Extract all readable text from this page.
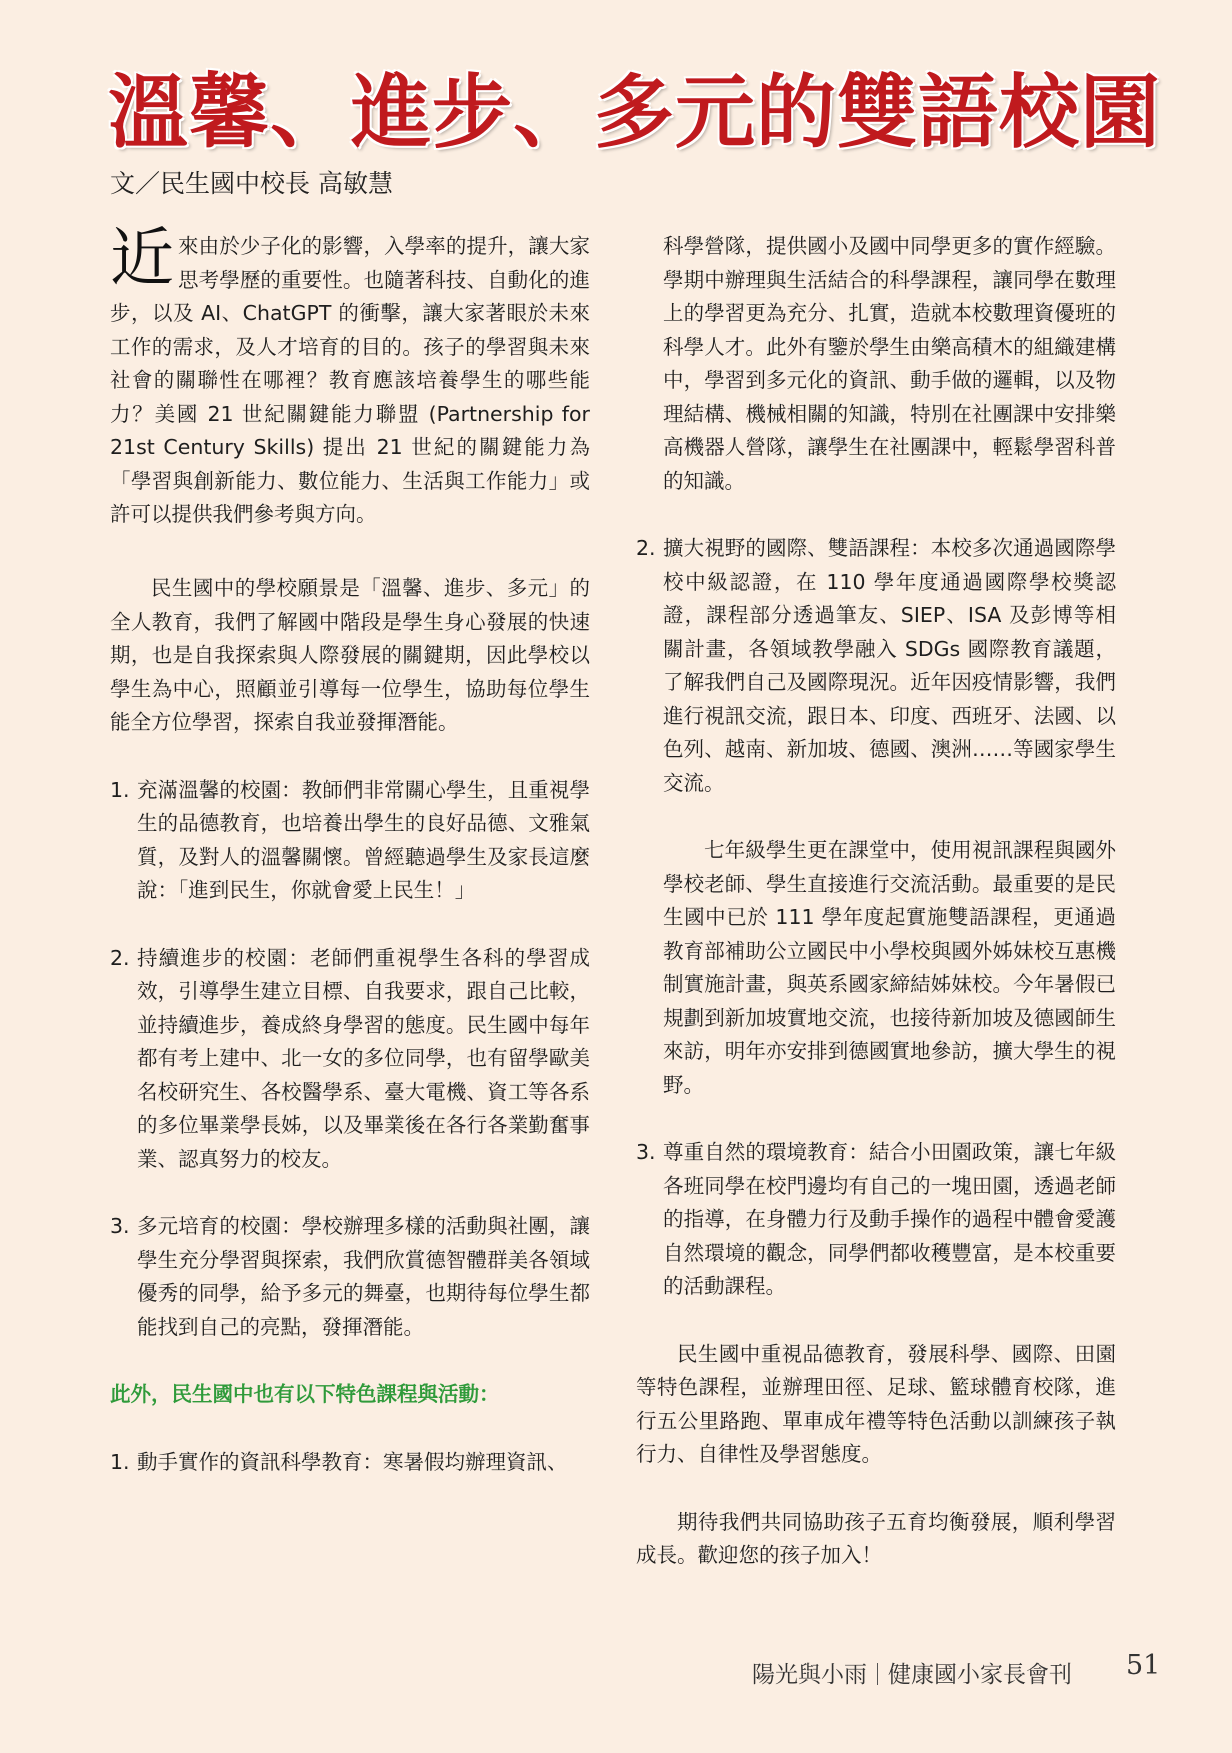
溫馨、進步、多元的雙語校園
文／民生國中校長 高敏慧
近來由於少子化的影響，入學率的提升，讓大家思考學歷的重要性。也隨著科技、自動化的進步，以及 AI、ChatGPT 的衝擊，讓大家著眼於未來工作的需求，及人才培育的目的。孩子的學習與未來社會的關聯性在哪裡？教育應該培養學生的哪些能力？美國 21 世紀關鍵能力聯盟 (Partnership for 21st Century Skills) 提出 21 世紀的關鍵能力為「學習與創新能力、數位能力、生活與工作能力」或許可以提供我們參考與方向。
民生國中的學校願景是「溫馨、進步、多元」的全人教育，我們了解國中階段是學生身心發展的快速期，也是自我探索與人際發展的關鍵期，因此學校以學生為中心，照顧並引導每一位學生，協助每位學生能全方位學習，探索自我並發揮潛能。
1. 充滿溫馨的校園：教師們非常關心學生，且重視學生的品德教育，也培養出學生的良好品德、文雅氣質，及對人的溫馨關懷。曾經聽過學生及家長這麼說：「進到民生，你就會愛上民生！」
2. 持續進步的校園：老師們重視學生各科的學習成效，引導學生建立目標、自我要求，跟自己比較，並持續進步，養成終身學習的態度。民生國中每年都有考上建中、北一女的多位同學，也有留學歐美名校研究生、各校醫學系、臺大電機、資工等各系的多位畢業學長姊，以及畢業後在各行各業勤奮事業、認真努力的校友。
3. 多元培育的校園：學校辦理多樣的活動與社團，讓學生充分學習與探索，我們欣賞德智體群美各領域優秀的同學，給予多元的舞臺，也期待每位學生都能找到自己的亮點，發揮潛能。
此外，民生國中也有以下特色課程與活動：
1. 動手實作的資訊科學教育：寒暑假均辦理資訊、
科學營隊，提供國小及國中同學更多的實作經驗。學期中辦理與生活結合的科學課程，讓同學在數理上的學習更為充分、扎實，造就本校數理資優班的科學人才。此外有鑒於學生由樂高積木的組織建構中，學習到多元化的資訊、動手做的邏輯，以及物理結構、機械相關的知識，特別在社團課中安排樂高機器人營隊，讓學生在社團課中，輕鬆學習科普的知識。
2. 擴大視野的國際、雙語課程：本校多次通過國際學校中級認證，在 110 學年度通過國際學校獎認證，課程部分透過筆友、SIEP、ISA 及彭博等相關計畫，各領域教學融入 SDGs 國際教育議題，了解我們自己及國際現況。近年因疫情影響，我們進行視訊交流，跟日本、印度、西班牙、法國、以色列、越南、新加坡、德國、澳洲……等國家學生交流。
七年級學生更在課堂中，使用視訊課程與國外學校老師、學生直接進行交流活動。最重要的是民生國中已於 111 學年度起實施雙語課程，更通過教育部補助公立國民中小學校與國外姊妹校互惠機制實施計畫，與英系國家締結姊妹校。今年暑假已規劃到新加坡實地交流，也接待新加坡及德國師生來訪，明年亦安排到德國實地參訪，擴大學生的視野。
3. 尊重自然的環境教育：結合小田園政策，讓七年級各班同學在校門邊均有自己的一塊田園，透過老師的指導，在身體力行及動手操作的過程中體會愛護自然環境的觀念，同學們都收穫豐富，是本校重要的活動課程。
民生國中重視品德教育，發展科學、國際、田園等特色課程，並辦理田徑、足球、籃球體育校隊，進行五公里路跑、單車成年禮等特色活動以訓練孩子執行力、自律性及學習態度。
期待我們共同協助孩子五育均衡發展，順利學習成長。歡迎您的孩子加入！
陽光與小雨 健康國小家長會刊 51
